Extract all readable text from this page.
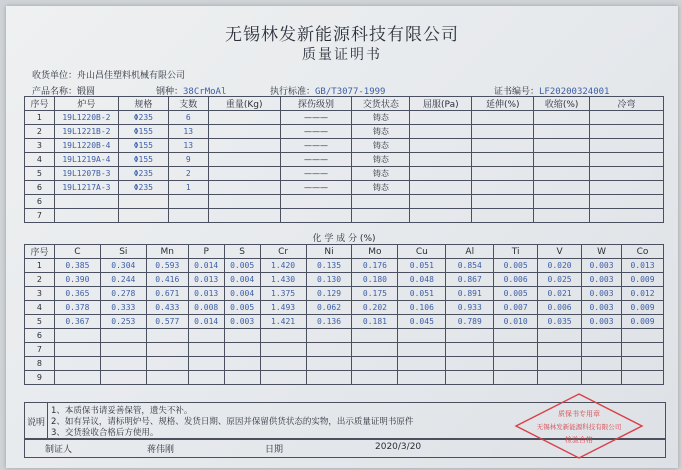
无锡林发新能源科技有限公司
质量证明书
收货单位：舟山昌佳塑料机械有限公司
产品名称：锻圆	钢种：38CrMoAl	执行标准：GB/T3077-1999	证书编号：LF20200324001
序号	炉号	规格	支数	重量(Kg)	探伤级别	交货状态	屈服(Pa)	延伸(%)	收缩(%)	冷弯
1	19L1220B-2	Φ235	6		———	铸态				
2	19L1221B-2	Φ155	13		———	铸态				
3	19L1220B-4	Φ155	13		———	铸态				
4	19L1219A-4	Φ155	9		———	铸态				
5	19L1207B-3	Φ235	2		———	铸态				
6	19L1217A-3	Φ235	1		———	铸态				
6										
7										
化 学 成 分 (%)
序号	C	Si	Mn	P	S	Cr	Ni	Mo	Cu	Al	Ti	V	W	Co
1	0.385	0.304	0.593	0.014	0.005	1.420	0.135	0.176	0.051	0.854	0.005	0.020	0.003	0.013
2	0.390	0.244	0.416	0.013	0.004	1.430	0.130	0.180	0.048	0.867	0.006	0.025	0.003	0.009
3	0.365	0.278	0.671	0.013	0.004	1.375	0.129	0.175	0.051	0.891	0.005	0.021	0.003	0.012
4	0.378	0.333	0.433	0.008	0.005	1.493	0.062	0.202	0.106	0.933	0.007	0.006	0.003	0.009
5	0.367	0.253	0.577	0.014	0.003	1.421	0.136	0.181	0.045	0.789	0.010	0.035	0.003	0.009
6														
7														
8														
9														
说明
1、本质保书请妥善保管，遗失不补。
2、如有异议，请标明炉号、规格、发货日期、原因并保留供货状态的实物，出示质量证明书原件
3、交货验收合格后方使用。
制证人	蒋伟刚	日期	2020/3/20
质保书专用章
无锡林发新能源科技有限公司
检验合格
